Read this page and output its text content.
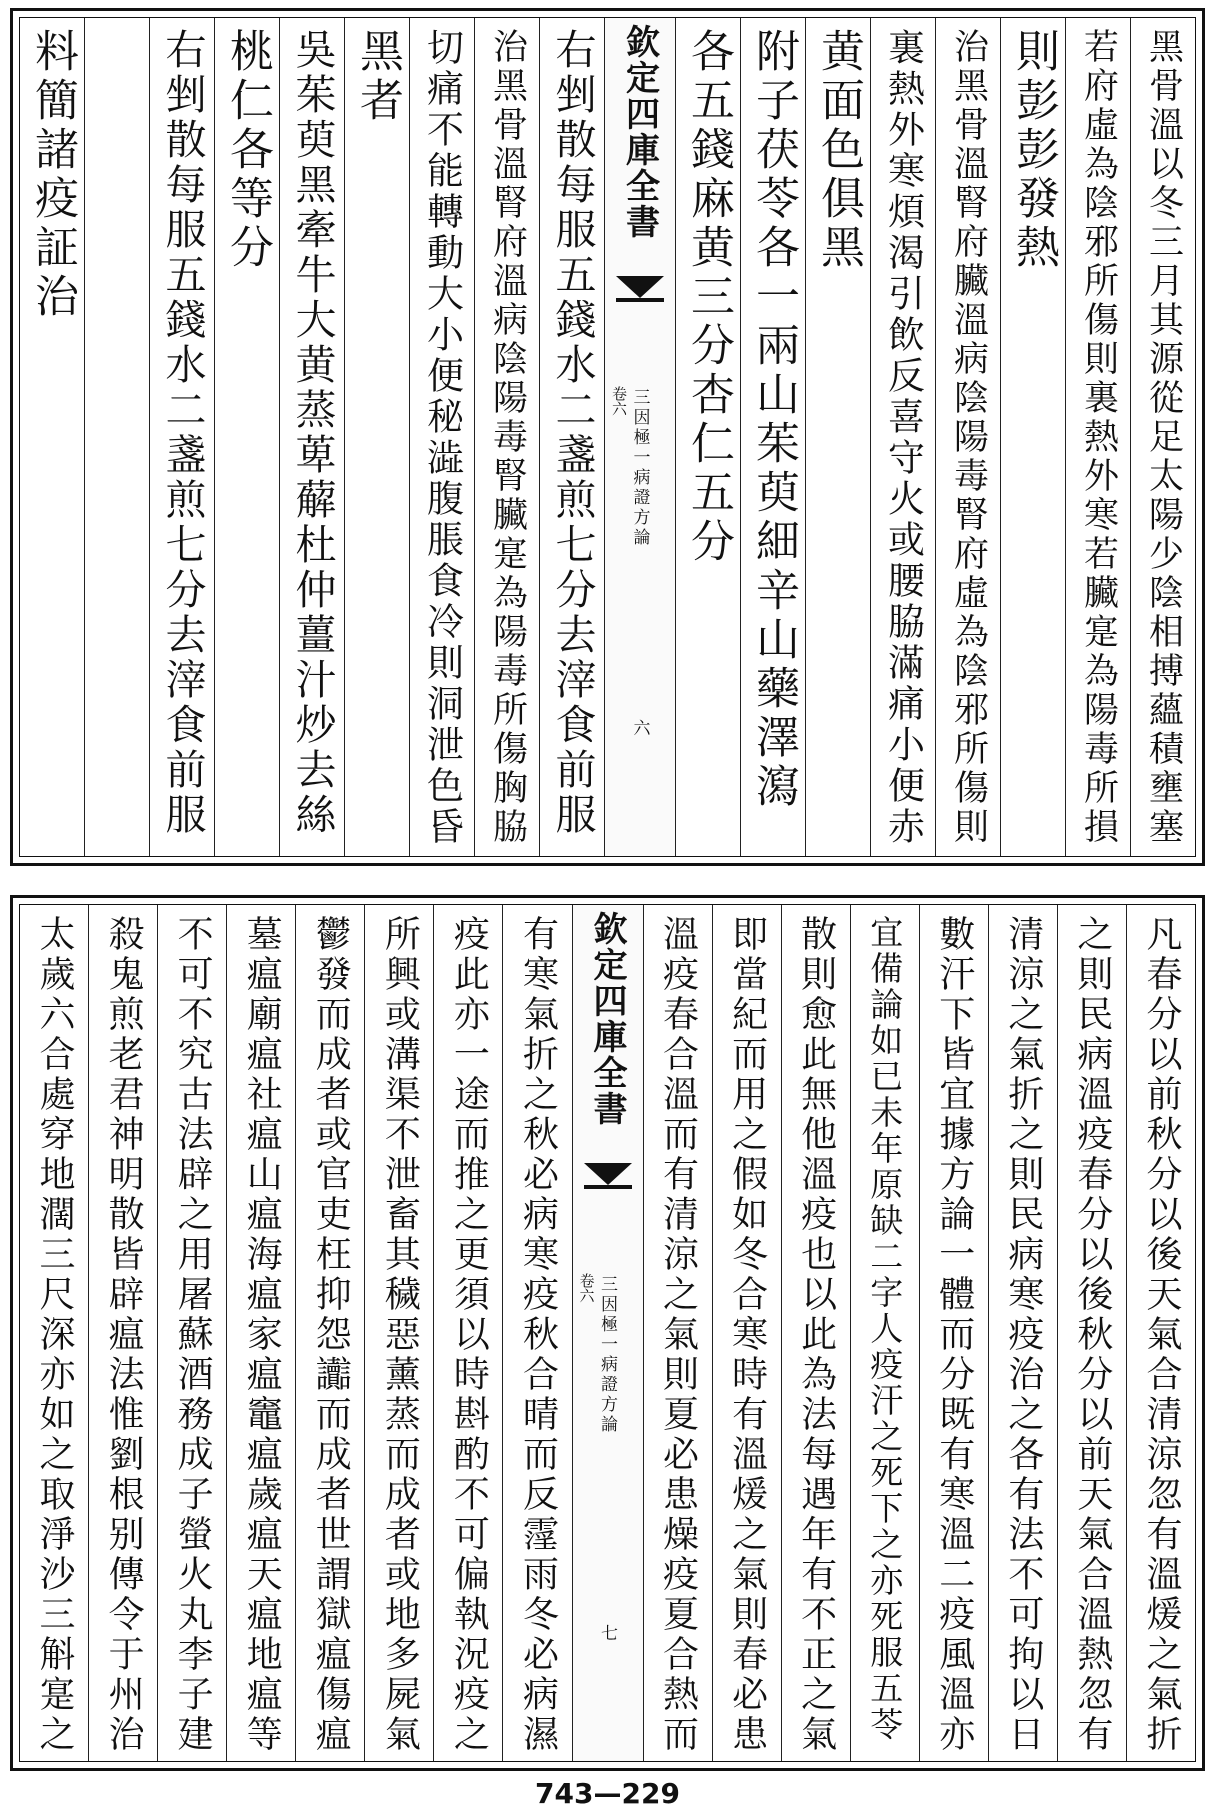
黑骨溫以冬三月其源從足太陽少陰相搏蘊積壅塞
若府虛為陰邪所傷則裏熱外寒若臟寔為陽毒所損
則彭彭發熱
治黑骨溫腎府臟溫病陰陽毒腎府虛為陰邪所傷則
裏熱外寒煩渴引飲反喜守火或腰脇滿痛小便赤
黄面色俱黑
附子茯苓各一兩山茱萸細辛山藥澤瀉
各五錢麻黄三分杏仁五分
欽定四庫全書
三因極一病證方論
卷六
六
右剉散每服五錢水二盞煎七分去滓食前服
治黑骨溫腎府溫病陰陽毒腎臟寔為陽毒所傷胸脇
切痛不能轉動大小便秘澁腹脹食冷則洞泄色昏
黑者
吳茱萸黑牽牛大黄蒸萆薢杜仲薑汁炒去絲
桃仁各等分
右剉散每服五錢水二盞煎七分去滓食前服
料簡諸疫証治
凡春分以前秋分以後天氣合清涼忽有溫煖之氣折
之則民病溫疫春分以後秋分以前天氣合溫熱忽有
清涼之氣折之則民病寒疫治之各有法不可拘以日
數汗下皆宜據方論一體而分既有寒溫二疫風溫亦
宜備論如已未年原缺二字人疫汗之死下之亦死服五苓
散則愈此無他溫疫也以此為法每遇年有不正之氣
即當紀而用之假如冬合寒時有溫煖之氣則春必患
溫疫春合溫而有清涼之氣則夏必患燥疫夏合熱而
欽定四庫全書
三因極一病證方論
卷六
七
有寒氣折之秋必病寒疫秋合晴而反霪雨冬必病濕
疫此亦一途而推之更須以時斟酌不可偏執況疫之
所興或溝渠不泄畜其穢惡薰蒸而成者或地多屍氣
鬱發而成者或官吏枉抑怨讟而成者世謂獄瘟傷瘟
墓瘟廟瘟社瘟山瘟海瘟家瘟竈瘟歲瘟天瘟地瘟等
不可不究古法辟之用屠蘇酒務成子螢火丸李子建
殺鬼煎老君神明散皆辟瘟法惟劉根别傳令于州治
太歲六合處穿地濶三尺深亦如之取淨沙三斛寔之
743—229
